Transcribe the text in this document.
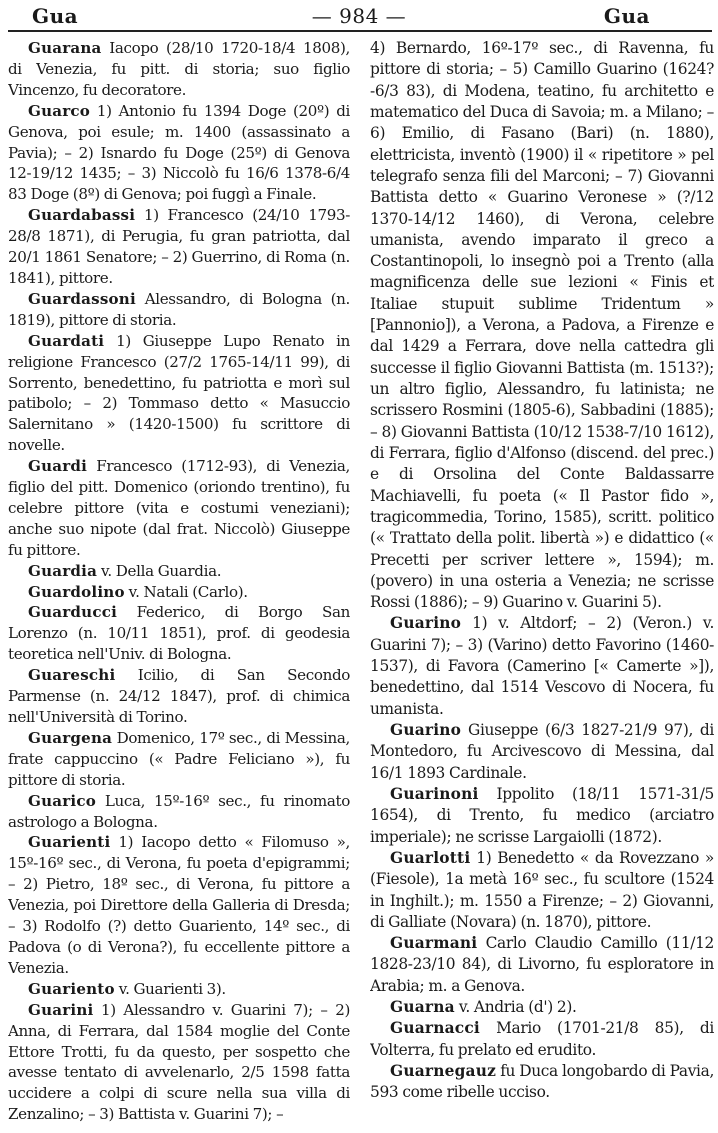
Gua	— 984 —	Gua

Guarana Iacopo (28/10 1720-18/4 1808), di Venezia, fu pitt. di storia; suo figlio Vincenzo, fu decoratore.

Guarco 1) Antonio fu 1394 Doge (20º) di Genova, poi esule; m. 1400 (assassinato a Pavia); – 2) Isnardo fu Doge (25º) di Genova 12-19/12 1435; – 3) Niccolò fu 16/6 1378-6/4 83 Doge (8º) di Genova; poi fuggì a Finale.

Guardabassi 1) Francesco (24/10 1793-28/8 1871), di Perugia, fu gran patriotta, dal 20/1 1861 Senatore; – 2) Guerrino, di Roma (n. 1841), pittore.

Guardassoni Alessandro, di Bologna (n. 1819), pittore di storia.

Guardati 1) Giuseppe Lupo Renato in religione Francesco (27/2 1765-14/11 99), di Sorrento, benedettino, fu patriotta e morì sul patibolo; – 2) Tommaso detto « Masuccio Salernitano » (1420-1500) fu scrittore di novelle.

Guardi Francesco (1712-93), di Venezia, figlio del pitt. Domenico (oriondo trentino), fu celebre pittore (vita e costumi veneziani); anche suo nipote (dal frat. Niccolò) Giuseppe fu pittore.

Guardia v. Della Guardia.

Guardolino v. Natali (Carlo).

Guarducci Federico, di Borgo San Lorenzo (n. 10/11 1851), prof. di geodesia teoretica nell'Univ. di Bologna.

Guareschi Icilio, di San Secondo Parmense (n. 24/12 1847), prof. di chimica nell'Università di Torino.

Guargena Domenico, 17º sec., di Messina, frate cappuccino (« Padre Feliciano »), fu pittore di storia.

Guarico Luca, 15º-16º sec., fu rinomato astrologo a Bologna.

Guarienti 1) Iacopo detto « Filomuso », 15º-16º sec., di Verona, fu poeta d'epigrammi; – 2) Pietro, 18º sec., di Verona, fu pittore a Venezia, poi Direttore della Galleria di Dresda; – 3) Rodolfo (?) detto Guariento, 14º sec., di Padova (o di Verona?), fu eccellente pittore a Venezia.

Guariento v. Guarienti 3).

Guarini 1) Alessandro v. Guarini 7); – 2) Anna, di Ferrara, dal 1584 moglie del Conte Ettore Trotti, fu da questo, per sospetto che avesse tentato di avvelenarlo, 2/5 1598 fatta uccidere a colpi di scure nella sua villa di Zenzalino; – 3) Battista v. Guarini 7); –

4) Bernardo, 16º-17º sec., di Ravenna, fu pittore di storia; – 5) Camillo Guarino (1624?-6/3 83), di Modena, teatino, fu architetto e matematico del Duca di Savoia; m. a Milano; – 6) Emilio, di Fasano (Bari) (n. 1880), elettricista, inventò (1900) il « ripetitore » pel telegrafo senza fili del Marconi; – 7) Giovanni Battista detto « Guarino Veronese » (?/12 1370-14/12 1460), di Verona, celebre umanista, avendo imparato il greco a Costantinopoli, lo insegnò poi a Trento (alla magnificenza delle sue lezioni « Finis et Italiae stupuit sublime Tridentum » [Pannonio]), a Verona, a Padova, a Firenze e dal 1429 a Ferrara, dove nella cattedra gli successe il figlio Giovanni Battista (m. 1513?); un altro figlio, Alessandro, fu latinista; ne scrissero Rosmini (1805-6), Sabbadini (1885); – 8) Giovanni Battista (10/12 1538-7/10 1612), di Ferrara, figlio d'Alfonso (discend. del prec.) e di Orsolina del Conte Baldassarre Machiavelli, fu poeta (« Il Pastor fido », tragicommedia, Torino, 1585), scritt. politico (« Trattato della polit. libertà ») e didattico (« Precetti per scriver lettere », 1594); m. (povero) in una osteria a Venezia; ne scrisse Rossi (1886); – 9) Guarino v. Guarini 5).

Guarino 1) v. Altdorf; – 2) (Veron.) v. Guarini 7); – 3) (Varino) detto Favorino (1460-1537), di Favora (Camerino [« Camerte »]), benedettino, dal 1514 Vescovo di Nocera, fu umanista.

Guarino Giuseppe (6/3 1827-21/9 97), di Montedoro, fu Arcivescovo di Messina, dal 16/1 1893 Cardinale.

Guarinoni Ippolito (18/11 1571-31/5 1654), di Trento, fu medico (arciatro imperiale); ne scrisse Largaiolli (1872).

Guarlotti 1) Benedetto « da Rovezzano » (Fiesole), 1a metà 16º sec., fu scultore (1524 in Inghilt.); m. 1550 a Firenze; – 2) Giovanni, di Galliate (Novara) (n. 1870), pittore.

Guarmani Carlo Claudio Camillo (11/12 1828-23/10 84), di Livorno, fu esploratore in Arabia; m. a Genova.

Guarna v. Andria (d') 2).

Guarnacci Mario (1701-21/8 85), di Volterra, fu prelato ed erudito.

Guarnegauz fu Duca longobardo di Pavia, 593 come ribelle ucciso.
